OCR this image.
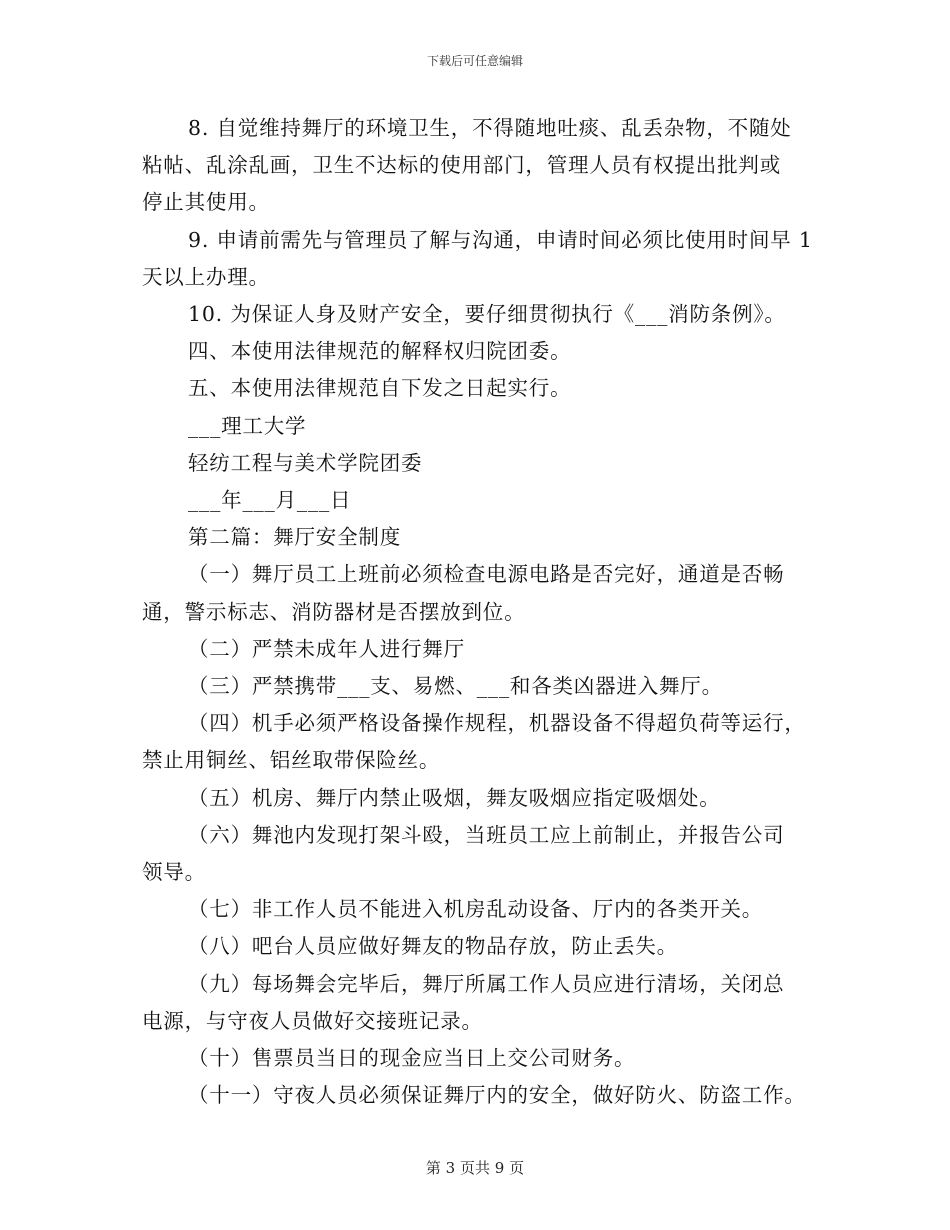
下载后可任意编辑

8. 自觉维持舞厅的环境卫生，不得随地吐痰、乱丢杂物，不随处

粘帖、乱涂乱画，卫生不达标的使用部门，管理人员有权提出批判或

停止其使用。

9. 申请前需先与管理员了解与沟通，申请时间必须比使用时间早 1

天以上办理。

10. 为保证人身及财产安全，要仔细贯彻执行《___消防条例》。

四、本使用法律规范的解释权归院团委。

五、本使用法律规范自下发之日起实行。

___理工大学

轻纺工程与美术学院团委

___年___月___日

第二篇：舞厅安全制度

（一）舞厅员工上班前必须检查电源电路是否完好，通道是否畅

通，警示标志、消防器材是否摆放到位。

（二）严禁未成年人进行舞厅

（三）严禁携带___支、易燃、___和各类凶器进入舞厅。

（四）机手必须严格设备操作规程，机器设备不得超负荷等运行，

禁止用铜丝、铝丝取带保险丝。

（五）机房、舞厅内禁止吸烟，舞友吸烟应指定吸烟处。

（六）舞池内发现打架斗殴，当班员工应上前制止，并报告公司

领导。

（七）非工作人员不能进入机房乱动设备、厅内的各类开关。

（八）吧台人员应做好舞友的物品存放，防止丢失。

（九）每场舞会完毕后，舞厅所属工作人员应进行清场，关闭总

电源，与守夜人员做好交接班记录。

（十）售票员当日的现金应当日上交公司财务。

（十一）守夜人员必须保证舞厅内的安全，做好防火、防盗工作。

第 3 页共 9 页
